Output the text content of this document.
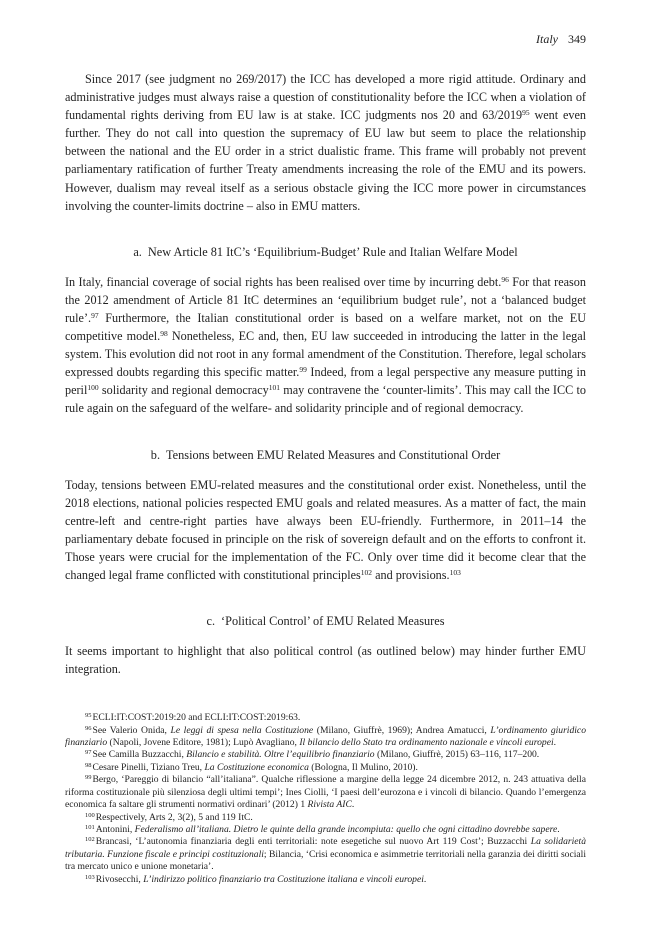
Italy 349

Since 2017 (see judgment no 269/2017) the ICC has developed a more rigid attitude. Ordinary and administrative judges must always raise a question of constitutionality before the ICC when a violation of fundamental rights deriving from EU law is at stake. ICC judgments nos 20 and 63/2019$^{95}$ went even further. They do not call into question the supremacy of EU law but seem to place the relationship between the national and the EU order in a strict dualistic frame. This frame will probably not prevent parliamentary ratification of further Treaty amendments increasing the role of the EMU and its powers. However, dualism may reveal itself as a serious obstacle giving the ICC more power in circumstances involving the counter-limits doctrine – also in EMU matters.

a. New Article 81 ItC’s ‘Equilibrium-Budget’ Rule and Italian Welfare Model

In Italy, financial coverage of social rights has been realised over time by incurring debt.$^{96}$ For that reason the 2012 amendment of Article 81 ItC determines an ‘equilibrium budget rule’, not a ‘balanced budget rule’.$^{97}$ Furthermore, the Italian constitutional order is based on a welfare market, not on the EU competitive model.$^{98}$ Nonetheless, EC and, then, EU law succeeded in introducing the latter in the legal system. This evolution did not root in any formal amendment of the Constitution. Therefore, legal scholars expressed doubts regarding this specific matter.$^{99}$ Indeed, from a legal perspective any measure putting in peril$^{100}$ solidarity and regional democracy$^{101}$ may contravene the ‘counter-limits’. This may call the ICC to rule again on the safeguard of the welfare- and solidarity principle and of regional democracy.

b. Tensions between EMU Related Measures and Constitutional Order

Today, tensions between EMU-related measures and the constitutional order exist. Nonetheless, until the 2018 elections, national policies respected EMU goals and related measures. As a matter of fact, the main centre-left and centre-right parties have always been EU-friendly. Furthermore, in 2011–14 the parliamentary debate focused in principle on the risk of sovereign default and on the efforts to confront it. Those years were crucial for the implementation of the FC. Only over time did it become clear that the changed legal frame conflicted with constitutional principles$^{102}$ and provisions.$^{103}$

c. ‘Political Control’ of EMU Related Measures

It seems important to highlight that also political control (as outlined below) may hinder further EMU integration.

$^{95}$ECLI:IT:COST:2019:20 and ECLI:IT:COST:2019:63.

$^{96}$See Valerio Onida, Le leggi di spesa nella Costituzione (Milano, Giuffrè, 1969); Andrea Amatucci, L’ordinamento giuridico finanziario (Napoli, Jovene Editore, 1981); Lupò Avagliano, Il bilancio dello Stato tra ordinamento nazionale e vincoli europei.

$^{97}$See Camilla Buzzacchi, Bilancio e stabilità. Oltre l’equilibrio finanziario (Milano, Giuffrè, 2015) 63–116, 117–200.

$^{98}$Cesare Pinelli, Tiziano Treu, La Costituzione economica (Bologna, Il Mulino, 2010).

$^{99}$Bergo, ‘Pareggio di bilancio “all’italiana”. Qualche riflessione a margine della legge 24 dicembre 2012, n. 243 attuativa della riforma costituzionale più silenziosa degli ultimi tempi’; Ines Ciolli, ‘I paesi dell’eurozona e i vincoli di bilancio. Quando l’emergenza economica fa saltare gli strumenti normativi ordinari’ (2012) 1 Rivista AIC.

$^{100}$Respectively, Arts 2, 3(2), 5 and 119 ItC.

$^{101}$Antonini, Federalismo all’italiana. Dietro le quinte della grande incompiuta: quello che ogni cittadino dovrebbe sapere.

$^{102}$Brancasi, ‘L’autonomia finanziaria degli enti territoriali: note esegetiche sul nuovo Art 119 Cost’; Buzzacchi La solidarietà tributaria. Funzione fiscale e principi costituzionali; Bilancia, ‘Crisi economica e asimmetrie territoriali nella garanzia dei diritti sociali tra mercato unico e unione monetaria’.

$^{103}$Rivosecchi, L’indirizzo politico finanziario tra Costituzione italiana e vincoli europei.
